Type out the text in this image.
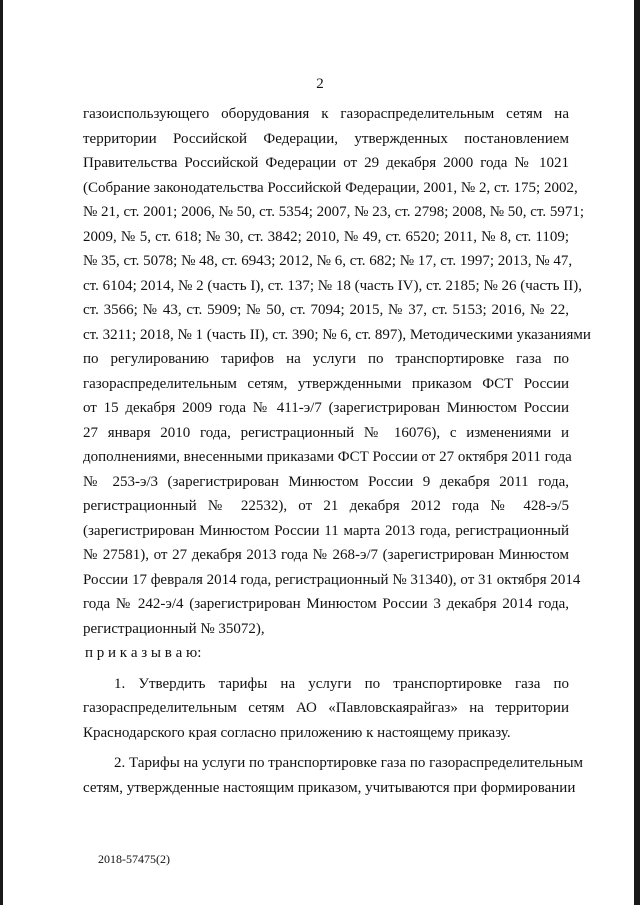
2
газоиспользующего оборудования к газораспределительным сетям на
территории Российской Федерации, утвержденных постановлением
Правительства Российской Федерации от 29 декабря 2000 года № 1021
(Собрание законодательства Российской Федерации, 2001, № 2, ст. 175; 2002,
№ 21, ст. 2001; 2006, № 50, ст. 5354; 2007, № 23, ст. 2798; 2008, № 50, ст. 5971;
2009, № 5, ст. 618; № 30, ст. 3842; 2010, № 49, ст. 6520; 2011, № 8, ст. 1109;
№ 35, ст. 5078; № 48, ст. 6943; 2012, № 6, ст. 682; № 17, ст. 1997; 2013, № 47,
ст. 6104; 2014, № 2 (часть I), ст. 137; № 18 (часть IV), ст. 2185; № 26 (часть II),
ст. 3566; № 43, ст. 5909; № 50, ст. 7094; 2015, № 37, ст. 5153; 2016, № 22,
ст. 3211; 2018, № 1 (часть II), ст. 390; № 6, ст. 897), Методическими указаниями
по регулированию тарифов на услуги по транспортировке газа по
газораспределительным сетям, утвержденными приказом ФСТ России
от 15 декабря 2009 года № 411-э/7 (зарегистрирован Минюстом России
27 января 2010 года, регистрационный № 16076), с изменениями и
дополнениями, внесенными приказами ФСТ России от 27 октября 2011 года
№ 253-э/3 (зарегистрирован Минюстом России 9 декабря 2011 года,
регистрационный № 22532), от 21 декабря 2012 года № 428-э/5
(зарегистрирован Минюстом России 11 марта 2013 года, регистрационный
№ 27581), от 27 декабря 2013 года № 268-э/7 (зарегистрирован Минюстом
России 17 февраля 2014 года, регистрационный № 31340), от 31 октября 2014
года № 242-э/4 (зарегистрирован Минюстом России 3 декабря 2014 года,
регистрационный № 35072),
п р и к а з ы в а ю:
1. Утвердить тарифы на услуги по транспортировке газа по
газораспределительным сетям АО «Павловскаярайгаз» на территории
Краснодарского края согласно приложению к настоящему приказу.
2. Тарифы на услуги по транспортировке газа по газораспределительным
сетям, утвержденные настоящим приказом, учитываются при формировании
2018-57475(2)
